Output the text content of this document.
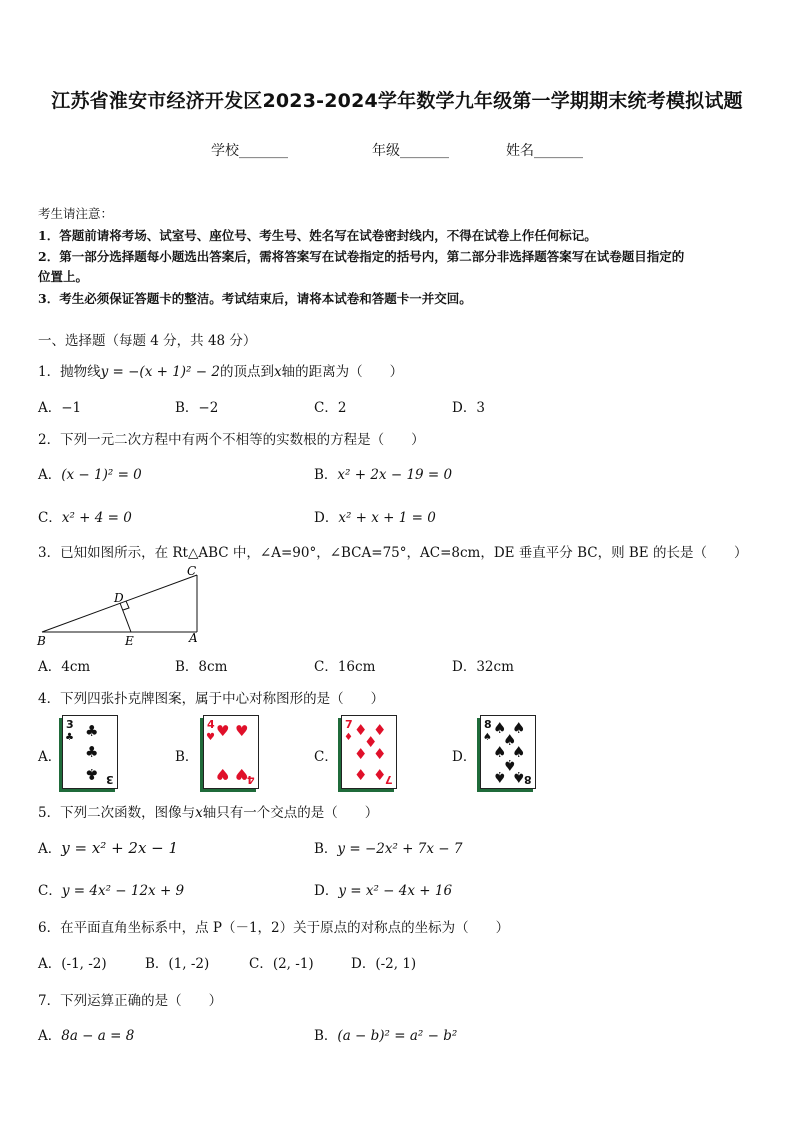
江苏省淮安市经济开发区2023-2024学年数学九年级第一学期期末统考模拟试题
学校_______	年级_______	姓名_______
考生请注意：
1．答题前请将考场、试室号、座位号、考生号、姓名写在试卷密封线内，不得在试卷上作任何标记。
2．第一部分选择题每小题选出答案后，需将答案写在试卷指定的括号内，第二部分非选择题答案写在试卷题目指定的
位置上。
3．考生必须保证答题卡的整洁。考试结束后，请将本试卷和答题卡一并交回。
一、选择题（每题 4 分，共 48 分）
1．抛物线y = −(x + 1)² − 2的顶点到x轴的距离为（　　）
A．−1	B．−2	C．2	D．3
2．下列一元二次方程中有两个不相等的实数根的方程是（　　）
A．(x − 1)² = 0	B．x² + 2x − 19 = 0
C．x² + 4 = 0	D．x² + x + 1 = 0
3．已知如图所示，在 Rt△ABC 中，∠A=90°，∠BCA=75°，AC=8cm，DE 垂直平分 BC，则 BE 的长是（　　）
C
D
B	E	A
A．4cm	B．8cm	C．16cm	D．32cm
4．下列四张扑克牌图案，属于中心对称图形的是（　　）
A．	B．	C．	D．
3
♣ ♣
♣
♣ 3
4
♥ ♥ ♥
♥ ♥
4
7
♦ ♦ ♦
♦
♦ ♦
♦ ♦
7
8
♠
♠ ♠
♠
♠ ♠
♠
♠ ♠
8
5．下列二次函数，图像与x轴只有一个交点的是（　　）
A．y = x² + 2x − 1	B．y = −2x² + 7x − 7
C．y = 4x² − 12x + 9	D．y = x² − 4x + 16
6．在平面直角坐标系中，点 P（－1，2）关于原点的对称点的坐标为（　　）
A．(-1, -2)	B．(1, -2)	C．(2, -1)	D．(-2, 1)
7．下列运算正确的是（　　）
A．8a − a = 8	B．(a − b)² = a² − b²
